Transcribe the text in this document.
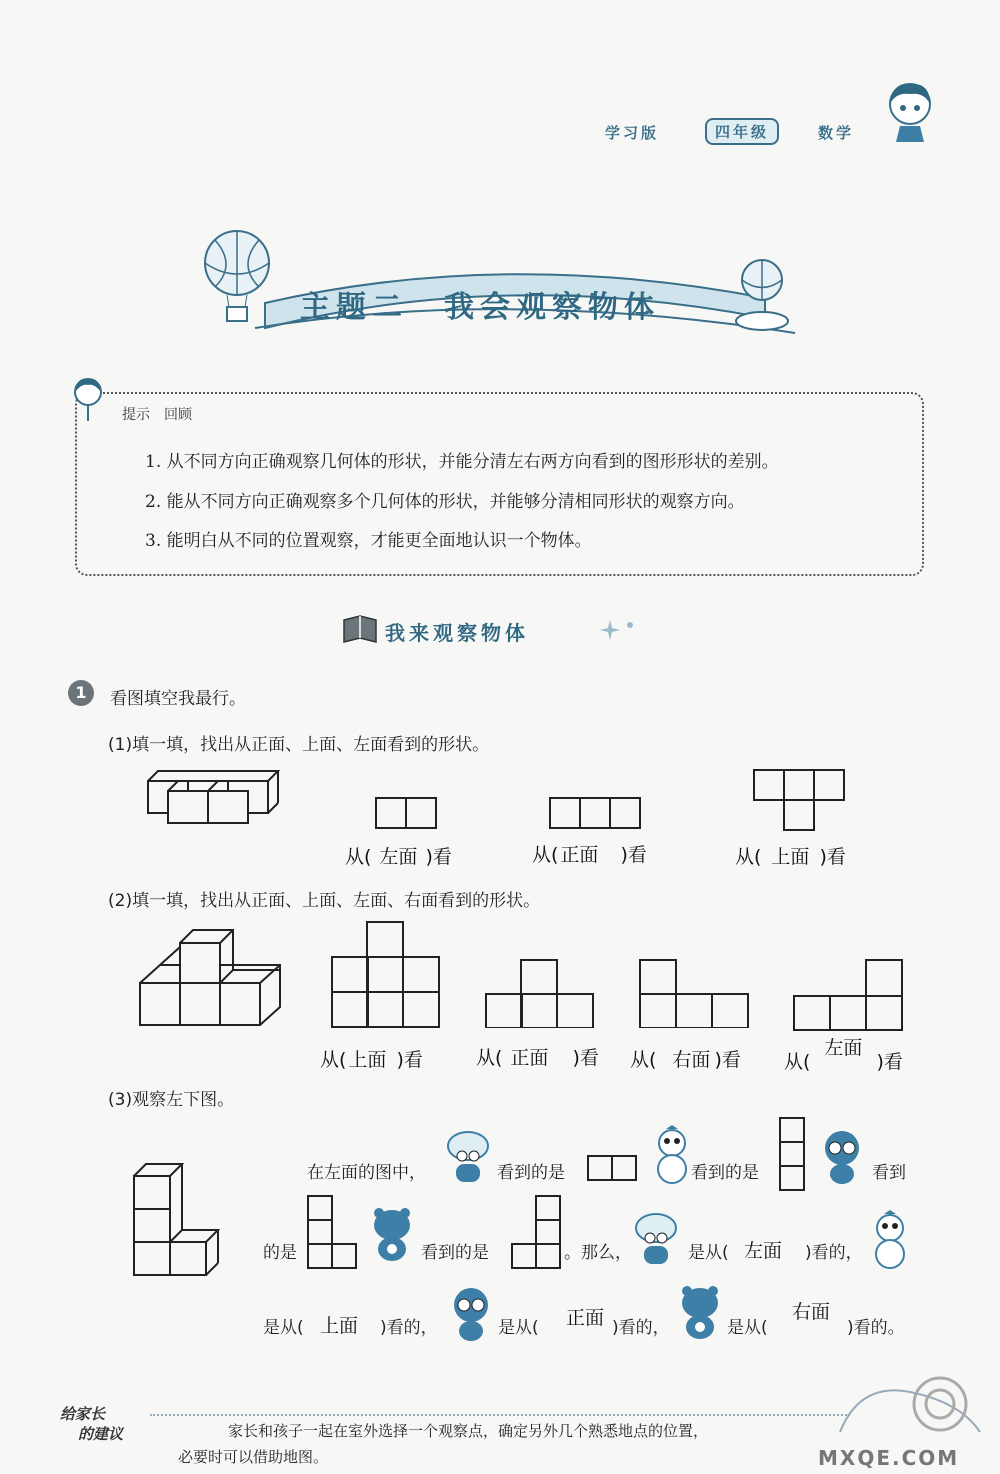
学习版	四年级	数学
主题二　我会观察物体
提示　回顾
1. 从不同方向正确观察几何体的形状，并能分清左右两方向看到的图形形状的差别。
2. 能从不同方向正确观察多个几何体的形状，并能够分清相同形状的观察方向。
3. 能明白从不同的位置观察，才能更全面地认识一个物体。
我来观察物体
1	看图填空我最行。
(1)填一填，找出从正面、上面、左面看到的形状。
从( 左面 )看	从( 正面 )看	从( 上面 )看
(2)填一填，找出从正面、上面、左面、右面看到的形状。
从( 上面 )看	从( 正面 )看 从( 右面 )看 从(左面)看
(3)观察左下图。
在左面的图中，	看到的是	看到的是	看到
的是	看到的是	。那么，	是从( 左面 )看的，
是从( 上面 )看的，	是从( 正面 )看的，	是从(
右面
)看的。
给家长
的建议	家长和孩子一起在室外选择一个观察点，确定另外几个熟悉地点的位置，
必要时可以借助地图。	MXQE.COM
